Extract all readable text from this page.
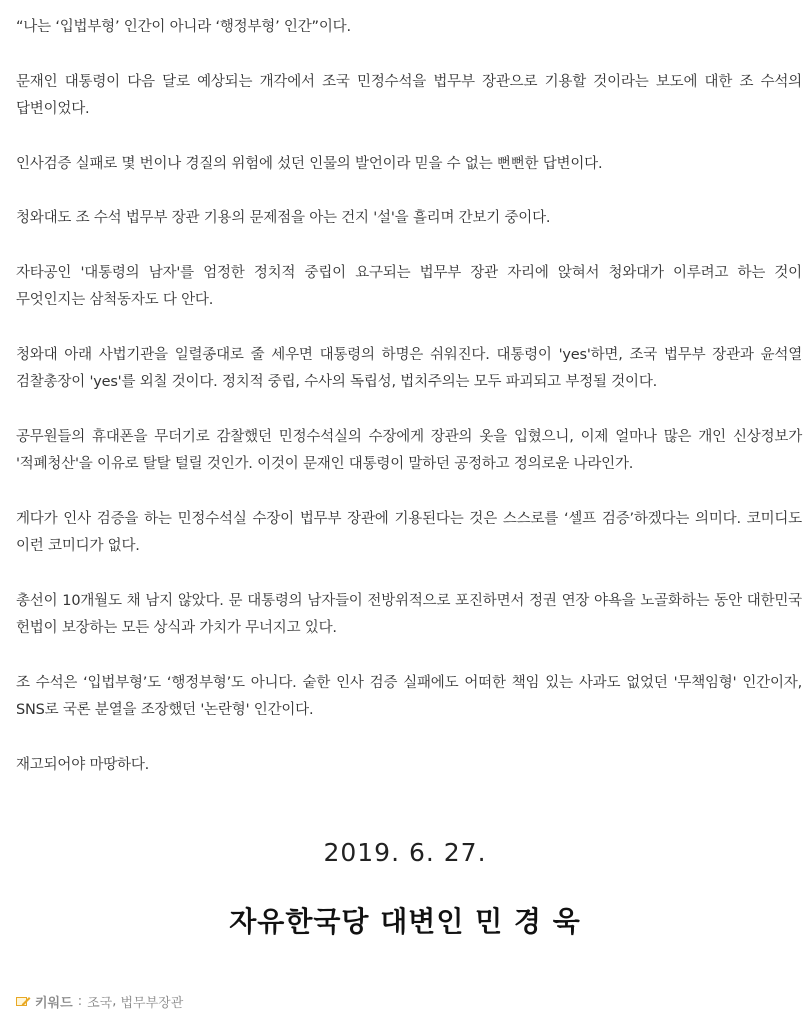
“나는 ‘입법부형’ 인간이 아니라 ‘행정부형’ 인간”이다.

문재인 대통령이 다음 달로 예상되는 개각에서 조국 민정수석을 법무부 장관으로 기용할 것이라는 보도에 대한 조 수석의 답변이었다.

인사검증 실패로 몇 번이나 경질의 위험에 섰던 인물의 발언이라 믿을 수 없는 뻔뻔한 답변이다.

청와대도 조 수석 법무부 장관 기용의 문제점을 아는 건지 '설'을 흘리며 간보기 중이다.

자타공인 '대통령의 남자'를 엄정한 정치적 중립이 요구되는 법무부 장관 자리에 앉혀서 청와대가 이루려고 하는 것이 무엇인지는 삼척동자도 다 안다.

청와대 아래 사법기관을 일렬종대로 줄 세우면 대통령의 하명은 쉬워진다. 대통령이 'yes'하면, 조국 법무부 장관과 윤석열 검찰총장이 'yes'를 외칠 것이다. 정치적 중립, 수사의 독립성, 법치주의는 모두 파괴되고 부정될 것이다.

공무원들의 휴대폰을 무더기로 감찰했던 민정수석실의 수장에게 장관의 옷을 입혔으니, 이제 얼마나 많은 개인 신상정보가 '적폐청산'을 이유로 탈탈 털릴 것인가. 이것이 문재인 대통령이 말하던 공정하고 정의로운 나라인가.

게다가 인사 검증을 하는 민정수석실 수장이 법무부 장관에 기용된다는 것은 스스로를 ‘셀프 검증’하겠다는 의미다. 코미디도 이런 코미디가 없다.

총선이 10개월도 채 남지 않았다. 문 대통령의 남자들이 전방위적으로 포진하면서 정권 연장 야욕을 노골화하는 동안 대한민국 헌법이 보장하는 모든 상식과 가치가 무너지고 있다.

조 수석은 ‘입법부형’도 ‘행정부형’도 아니다. 숱한 인사 검증 실패에도 어떠한 책임 있는 사과도 없었던 '무책임형' 인간이자, SNS로 국론 분열을 조장했던 '논란형' 인간이다.

재고되어야 마땅하다.

2019. 6. 27.
자유한국당 대변인 민 경 욱
키워드 : 조국 , 법무부장관
